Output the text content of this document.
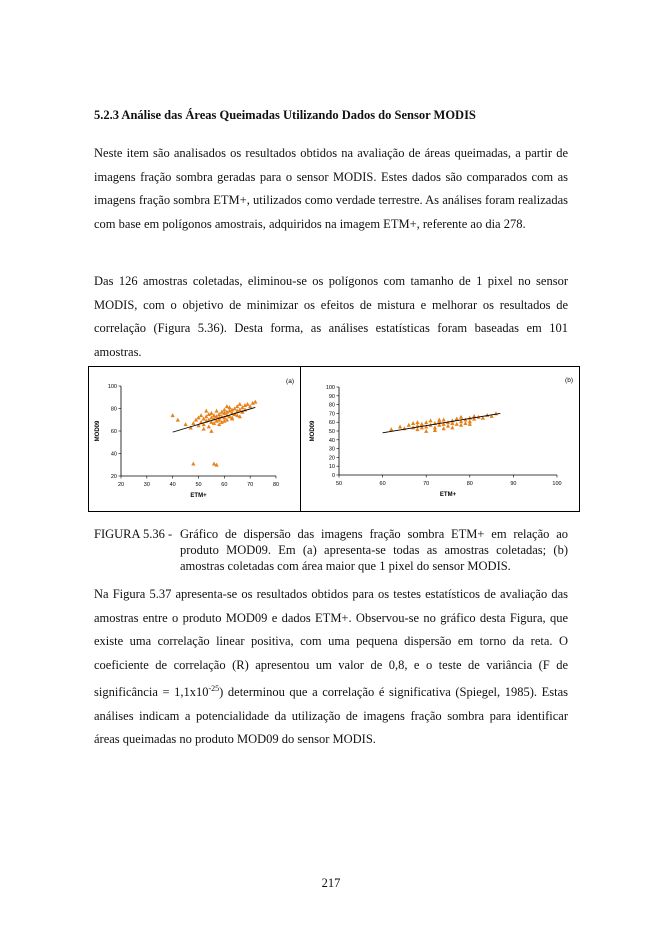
5.2.3 Análise das Áreas Queimadas Utilizando Dados do Sensor MODIS

Neste item são analisados os resultados obtidos na avaliação de áreas queimadas, a partir de imagens fração sombra geradas para o sensor MODIS. Estes dados são comparados com as imagens fração sombra ETM+, utilizados como verdade terrestre. As análises foram realizadas com base em polígonos amostrais, adquiridos na imagem ETM+, referente ao dia 278.

Das 126 amostras coletadas, eliminou-se os polígonos com tamanho de 1 pixel no sensor MODIS, com o objetivo de minimizar os efeitos de mistura e melhorar os resultados de correlação (Figura 5.36). Desta forma, as análises estatísticas foram baseadas em 101 amostras.

20	30	40	50	60	70	80
20
40
60
80
100
ETM+
MOD09
(a)
50	60	70	80	90	100
0
10
20
30
40
50
60
70
80
90
100
ETM+
MOD09
(b)
FIGURA 5.36 - Gráfico de dispersão das imagens fração sombra ETM+ em relação ao produto MOD09. Em (a) apresenta-se todas as amostras coletadas; (b) amostras coletadas com área maior que 1 pixel do sensor MODIS.

Na Figura 5.37 apresenta-se os resultados obtidos para os testes estatísticos de avaliação das amostras entre o produto MOD09 e dados ETM+. Observou-se no gráfico desta Figura, que existe uma correlação linear positiva, com uma pequena dispersão em torno da reta. O coeficiente de correlação (R) apresentou um valor de 0,8, e o teste de variância (F de significância = $1,1x10^{-25}$) determinou que a correlação é significativa (Spiegel, 1985). Estas análises indicam a potencialidade da utilização de imagens fração sombra para identificar áreas queimadas no produto MOD09 do sensor MODIS.

217
